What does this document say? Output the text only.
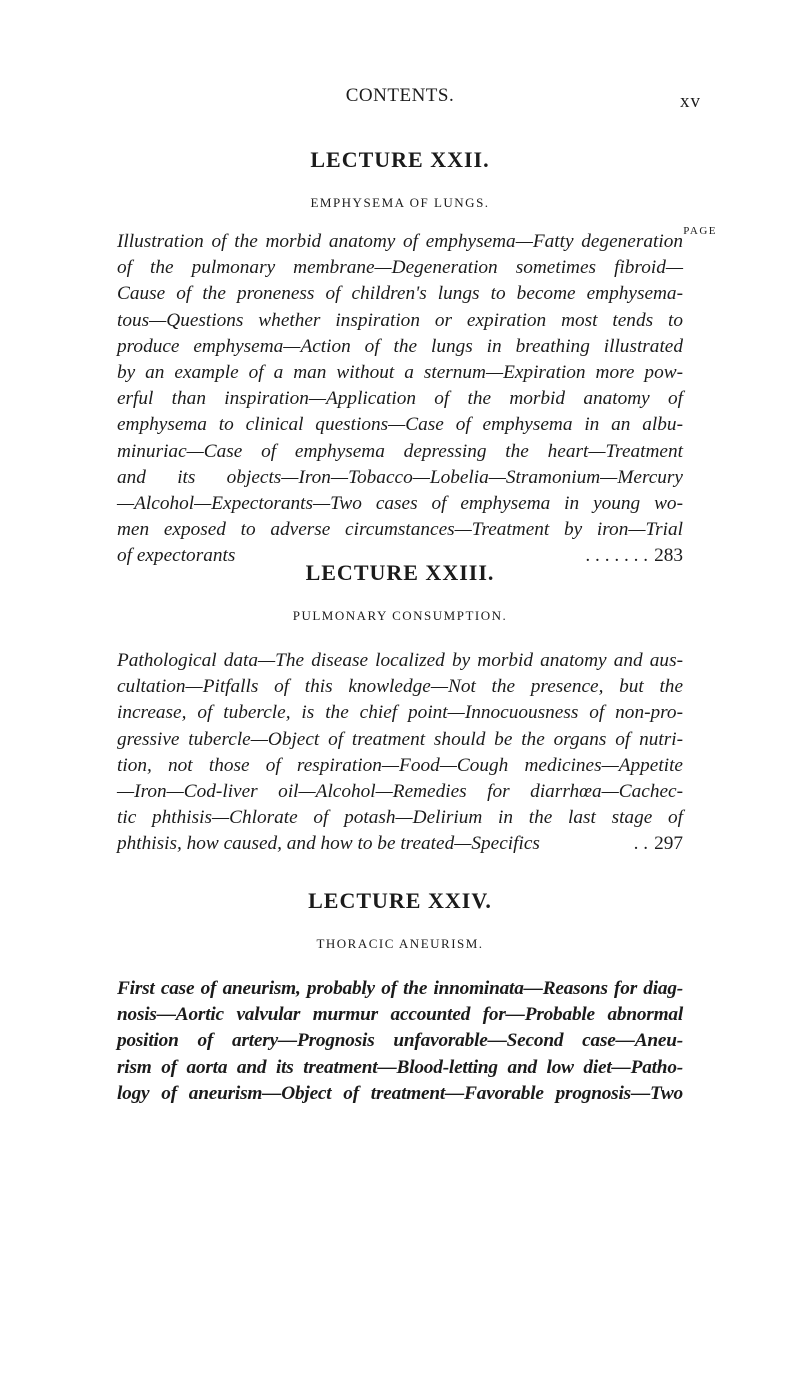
CONTENTS.	xv
LECTURE XXII.

EMPHYSEMA OF LUNGS.

PAGE
Illustration of the morbid anatomy of emphysema—Fatty degeneration
of the pulmonary membrane—Degeneration sometimes fibroid—
Cause of the proneness of children's lungs to become emphysema-
tous—Questions whether inspiration or expiration most tends to
produce emphysema—Action of the lungs in breathing illustrated
by an example of a man without a sternum—Expiration more pow-
erful than inspiration—Application of the morbid anatomy of
emphysema to clinical questions—Case of emphysema in an albu-
minuriac—Case of emphysema depressing the heart—Treatment
and its objects—Iron—Tobacco—Lobelia—Stramonium—Mercury
—Alcohol—Expectorants—Two cases of emphysema in young wo-
men exposed to adverse circumstances—Treatment by iron—Trial
of expectorants	. . . . . . . 283
LECTURE XXIII.

PULMONARY CONSUMPTION.

Pathological data—The disease localized by morbid anatomy and aus-
cultation—Pitfalls of this knowledge—Not the presence, but the
increase, of tubercle, is the chief point—Innocuousness of non-pro-
gressive tubercle—Object of treatment should be the organs of nutri-
tion, not those of respiration—Food—Cough medicines—Appetite
—Iron—Cod-liver oil—Alcohol—Remedies for diarrhœa—Cachec-
tic phthisis—Chlorate of potash—Delirium in the last stage of
phthisis, how caused, and how to be treated—Specifics	. . 297
LECTURE XXIV.

THORACIC ANEURISM.

First case of aneurism, probably of the innominata—Reasons for diag-
nosis—Aortic valvular murmur accounted for—Probable abnormal
position of artery—Prognosis unfavorable—Second case—Aneu-
rism of aorta and its treatment—Blood-letting and low diet—Patho-
logy of aneurism—Object of treatment—Favorable prognosis—Two
